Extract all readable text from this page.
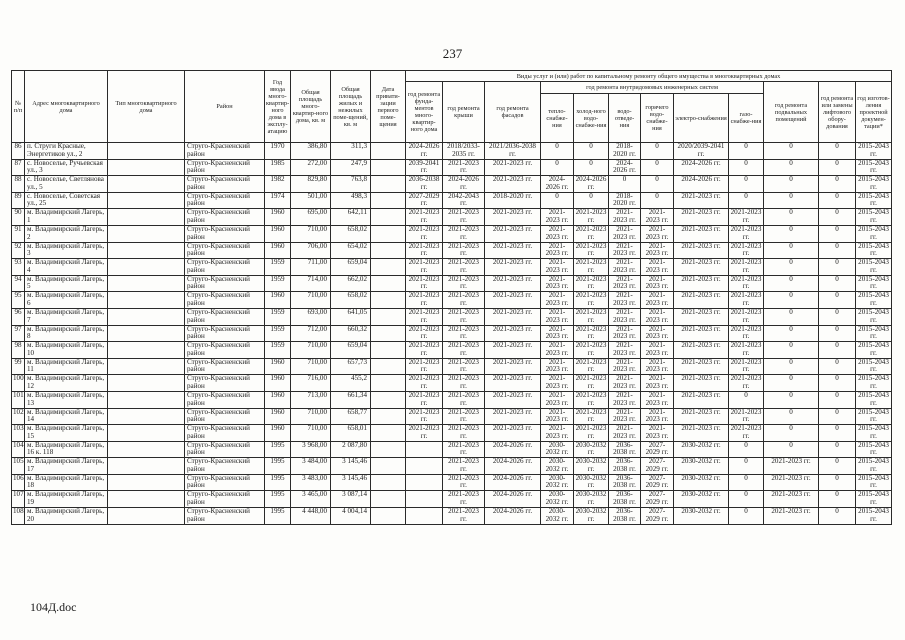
237
№ п/п	Адрес многоквартирного дома	Тип многоквартирного дома	Район	Год ввода много-квартир-ного дома в эксплу-атацию	Общая площадь много-квартир-ного дома, кв. м	Общая площадь жилых и нежилых поме-щений, кв. м	Дата привати-зации первого поме-щения	Виды услуг и (или) работ по капитальному ремонту общего имущества в многоквартирных домах											
								год ремонта фунда-ментов много-квартир-ного дома	год ремонта крыши	год ремонта фасадов	год ремонта внутридомовых инженерных систем						год ремонта подвальных помещений	год ремонта или замены лифтового обору-дования	год изготов-ления проектной докумен-тации*
											тепло-снабже-ния	холод-ного водо-снабже-ния	водо-отведе-ния	горячего водо-снабже-ния	электро-снабжения	газо-снабже-ния			
86	п. Струги Красные, Энергетиков ул., 2		Струго-Красненский район	1970	386,80	311,3		2024-2026 гг.	2018/2033-2035 гг.	2021/2036-2038 гг.	0	0	2018-2020 гг.	0	2020/2039-2041 гг.	0	0	0	2015-2043 гг.
87	с. Новоселье, Ручьевская ул., 3		Струго-Красненский район	1985	272,00	247,9		2039-2041 гг.	2021-2023 гг.	2021-2023 гг.	0	0	2024-2026 гг.	0	2024-2026 гг.	0	0	0	2015-2043 гг.
88	с. Новоселье, Светлянова ул., 5		Струго-Красненский район	1982	829,80	763,8		2036-2038 гг.	2024-2026 гг.	2021-2023 гг.	2024-2026 гг.	2024-2026 гг.	0	0	2024-2026 гг.	0	0	0	2015-2043 гг.
89	с. Новоселье, Советская ул., 25		Струго-Красненский район	1974	501,00	498,3		2027-2029 гг.	2042-2043 гг.	2018-2020 гг.	0	0	2018-2020 гг.	0	2021-2023 гг.	0	0	0	2015-2043 гг.
90	м. Владимирский Лагерь, 1		Струго-Красненский район	1960	695,00	642,11		2021-2023 гг.	2021-2023 гг.	2021-2023 гг.	2021-2023 гг.	2021-2023 гг.	2021-2023 гг.	2021-2023 гг.	2021-2023 гг.	2021-2023 гг.	0	0	2015-2043 гг.
91	м. Владимирский Лагерь, 2		Струго-Красненский район	1960	710,00	658,02		2021-2023 гг.	2021-2023 гг.	2021-2023 гг.	2021-2023 гг.	2021-2023 гг.	2021-2023 гг.	2021-2023 гг.	2021-2023 гг.	2021-2023 гг.	0	0	2015-2043 гг.
92	м. Владимирский Лагерь, 3		Струго-Красненский район	1960	706,00	654,02		2021-2023 гг.	2021-2023 гг.	2021-2023 гг.	2021-2023 гг.	2021-2023 гг.	2021-2023 гг.	2021-2023 гг.	2021-2023 гг.	2021-2023 гг.	0	0	2015-2043 гг.
93	м. Владимирский Лагерь, 4		Струго-Красненский район	1959	711,00	659,04		2021-2023 гг.	2021-2023 гг.	2021-2023 гг.	2021-2023 гг.	2021-2023 гг.	2021-2023 гг.	2021-2023 гг.	2021-2023 гг.	2021-2023 гг.	0	0	2015-2043 гг.
94	м. Владимирский Лагерь, 5		Струго-Красненский район	1959	714,00	662,02		2021-2023 гг.	2021-2023 гг.	2021-2023 гг.	2021-2023 гг.	2021-2023 гг.	2021-2023 гг.	2021-2023 гг.	2021-2023 гг.	2021-2023 гг.	0	0	2015-2043 гг.
95	м. Владимирский Лагерь, 6		Струго-Красненский район	1960	710,00	658,02		2021-2023 гг.	2021-2023 гг.	2021-2023 гг.	2021-2023 гг.	2021-2023 гг.	2021-2023 гг.	2021-2023 гг.	2021-2023 гг.	2021-2023 гг.	0	0	2015-2043 гг.
96	м. Владимирский Лагерь, 7		Струго-Красненский район	1959	693,00	641,05		2021-2023 гг.	2021-2023 гг.	2021-2023 гг.	2021-2023 гг.	2021-2023 гг.	2021-2023 гг.	2021-2023 гг.	2021-2023 гг.	2021-2023 гг.	0	0	2015-2043 гг.
97	м. Владимирский Лагерь, 8		Струго-Красненский район	1959	712,00	660,32		2021-2023 гг.	2021-2023 гг.	2021-2023 гг.	2021-2023 гг.	2021-2023 гг.	2021-2023 гг.	2021-2023 гг.	2021-2023 гг.	2021-2023 гг.	0	0	2015-2043 гг.
98	м. Владимирский Лагерь, 10		Струго-Красненский район	1959	710,00	659,04		2021-2023 гг.	2021-2023 гг.	2021-2023 гг.	2021-2023 гг.	2021-2023 гг.	2021-2023 гг.	2021-2023 гг.	2021-2023 гг.	2021-2023 гг.	0	0	2015-2043 гг.
99	м. Владимирский Лагерь, 11		Струго-Красненский район	1960	710,00	657,73		2021-2023 гг.	2021-2023 гг.	2021-2023 гг.	2021-2023 гг.	2021-2023 гг.	2021-2023 гг.	2021-2023 гг.	2021-2023 гг.	2021-2023 гг.	0	0	2015-2043 гг.
100	м. Владимирский Лагерь, 12		Струго-Красненский район	1960	716,00	455,2		2021-2023 гг.	2021-2023 гг.	2021-2023 гг.	2021-2023 гг.	2021-2023 гг.	2021-2023 гг.	2021-2023 гг.	2021-2023 гг.	2021-2023 гг.	0	0	2015-2043 гг.
101	м. Владимирский Лагерь, 13		Струго-Красненский район	1960	713,00	661,34		2021-2023 гг.	2021-2023 гг.	2021-2023 гг.	2021-2023 гг.	2021-2023 гг.	2021-2023 гг.	2021-2023 гг.	2021-2023 гг.	0	0	0	2015-2043 гг.
102	м. Владимирский Лагерь, 14		Струго-Красненский район	1960	710,00	658,77		2021-2023 гг.	2021-2023 гг.	2021-2023 гг.	2021-2023 гг.	2021-2023 гг.	2021-2023 гг.	2021-2023 гг.	2021-2023 гг.	2021-2023 гг.	0	0	2015-2043 гг.
103	м. Владимирский Лагерь, 15		Струго-Красненский район	1960	710,00	658,01		2021-2023 гг.	2021-2023 гг.	2021-2023 гг.	2021-2023 гг.	2021-2023 гг.	2021-2023 гг.	2021-2023 гг.	2021-2023 гг.	2021-2023 гг.	0	0	2015-2043 гг.
104	м. Владимирский Лагерь, 16 к. 118		Струго-Красненский район	1995	3 968,00	2 087,80			2021-2023 гг.	2024-2026 гг.	2030-2032 гг.	2030-2032 гг.	2036-2038 гг.	2027-2029 гг.	2030-2032 гг.	0	0	0	2015-2043 гг.
105	м. Владимирский Лагерь, 17		Струго-Красненский район	1995	3 484,00	3 145,46			2021-2023 гг.	2024-2026 гг.	2030-2032 гг.	2030-2032 гг.	2036-2038 гг.	2027-2029 гг.	2030-2032 гг.	0	2021-2023 гг.	0	2015-2043 гг.
106	м. Владимирский Лагерь, 18		Струго-Красненский район	1995	3 483,00	3 145,46			2021-2023 гг.	2024-2026 гг.	2030-2032 гг.	2030-2032 гг.	2036-2038 гг.	2027-2029 гг.	2030-2032 гг.	0	2021-2023 гг.	0	2015-2043 гг.
107	м. Владимирский Лагерь, 19		Струго-Красненский район	1995	3 465,00	3 087,14			2021-2023 гг.	2024-2026 гг.	2030-2032 гг.	2030-2032 гг.	2036-2038 гг.	2027-2029 гг.	2030-2032 гг.	0	2021-2023 гг.	0	2015-2043 гг.
108	м. Владимирский Лагерь, 20		Струго-Красненский район	1995	4 448,00	4 004,14			2021-2023 гг.	2024-2026 гг.	2030-2032 гг.	2030-2032 гг.	2036-2038 гг.	2027-2029 гг.	2030-2032 гг.	0	2021-2023 гг.	0	2015-2043 гг.
104Д.doc
